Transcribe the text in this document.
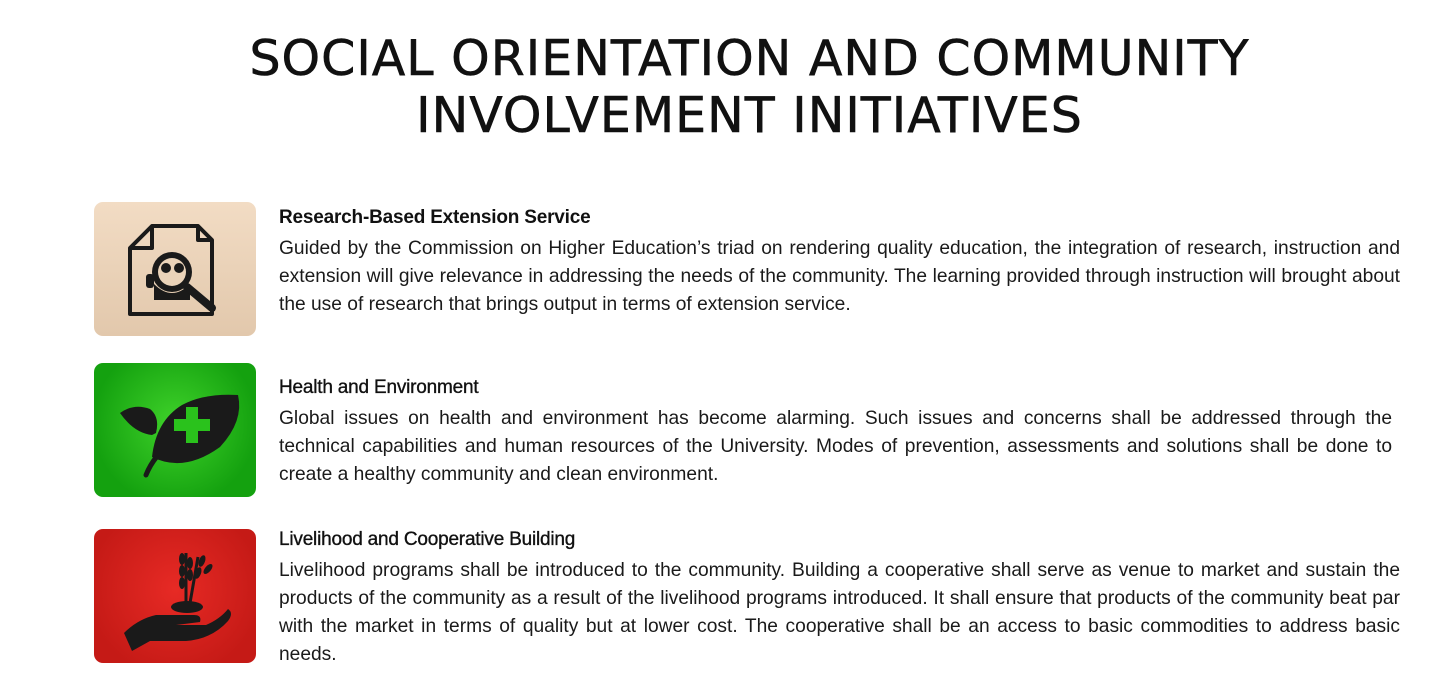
SOCIAL ORIENTATION AND COMMUNITY
INVOLVEMENT INITIATIVES
Research-Based Extension Service

Guided by the Commission on Higher Education’s triad on rendering quality education, the integration of research, instruction and extension will give relevance in addressing the needs of the community. The learning provided through instruction will brought about the use of research that brings output in terms of extension service.

Health and Environment

Global issues on health and environment has become alarming. Such issues and concerns shall be addressed through the technical capabilities and human resources of the University. Modes of prevention, assessments and solutions shall be done to create a healthy community and clean environment.

Livelihood and Cooperative Building

Livelihood programs shall be introduced to the community. Building a cooperative shall serve as venue to market and sustain the products of the community as a result of the livelihood programs introduced. It shall ensure that products of the community beat par with the market in terms of quality but at lower cost. The cooperative shall be an access to basic commodities to address basic needs.
